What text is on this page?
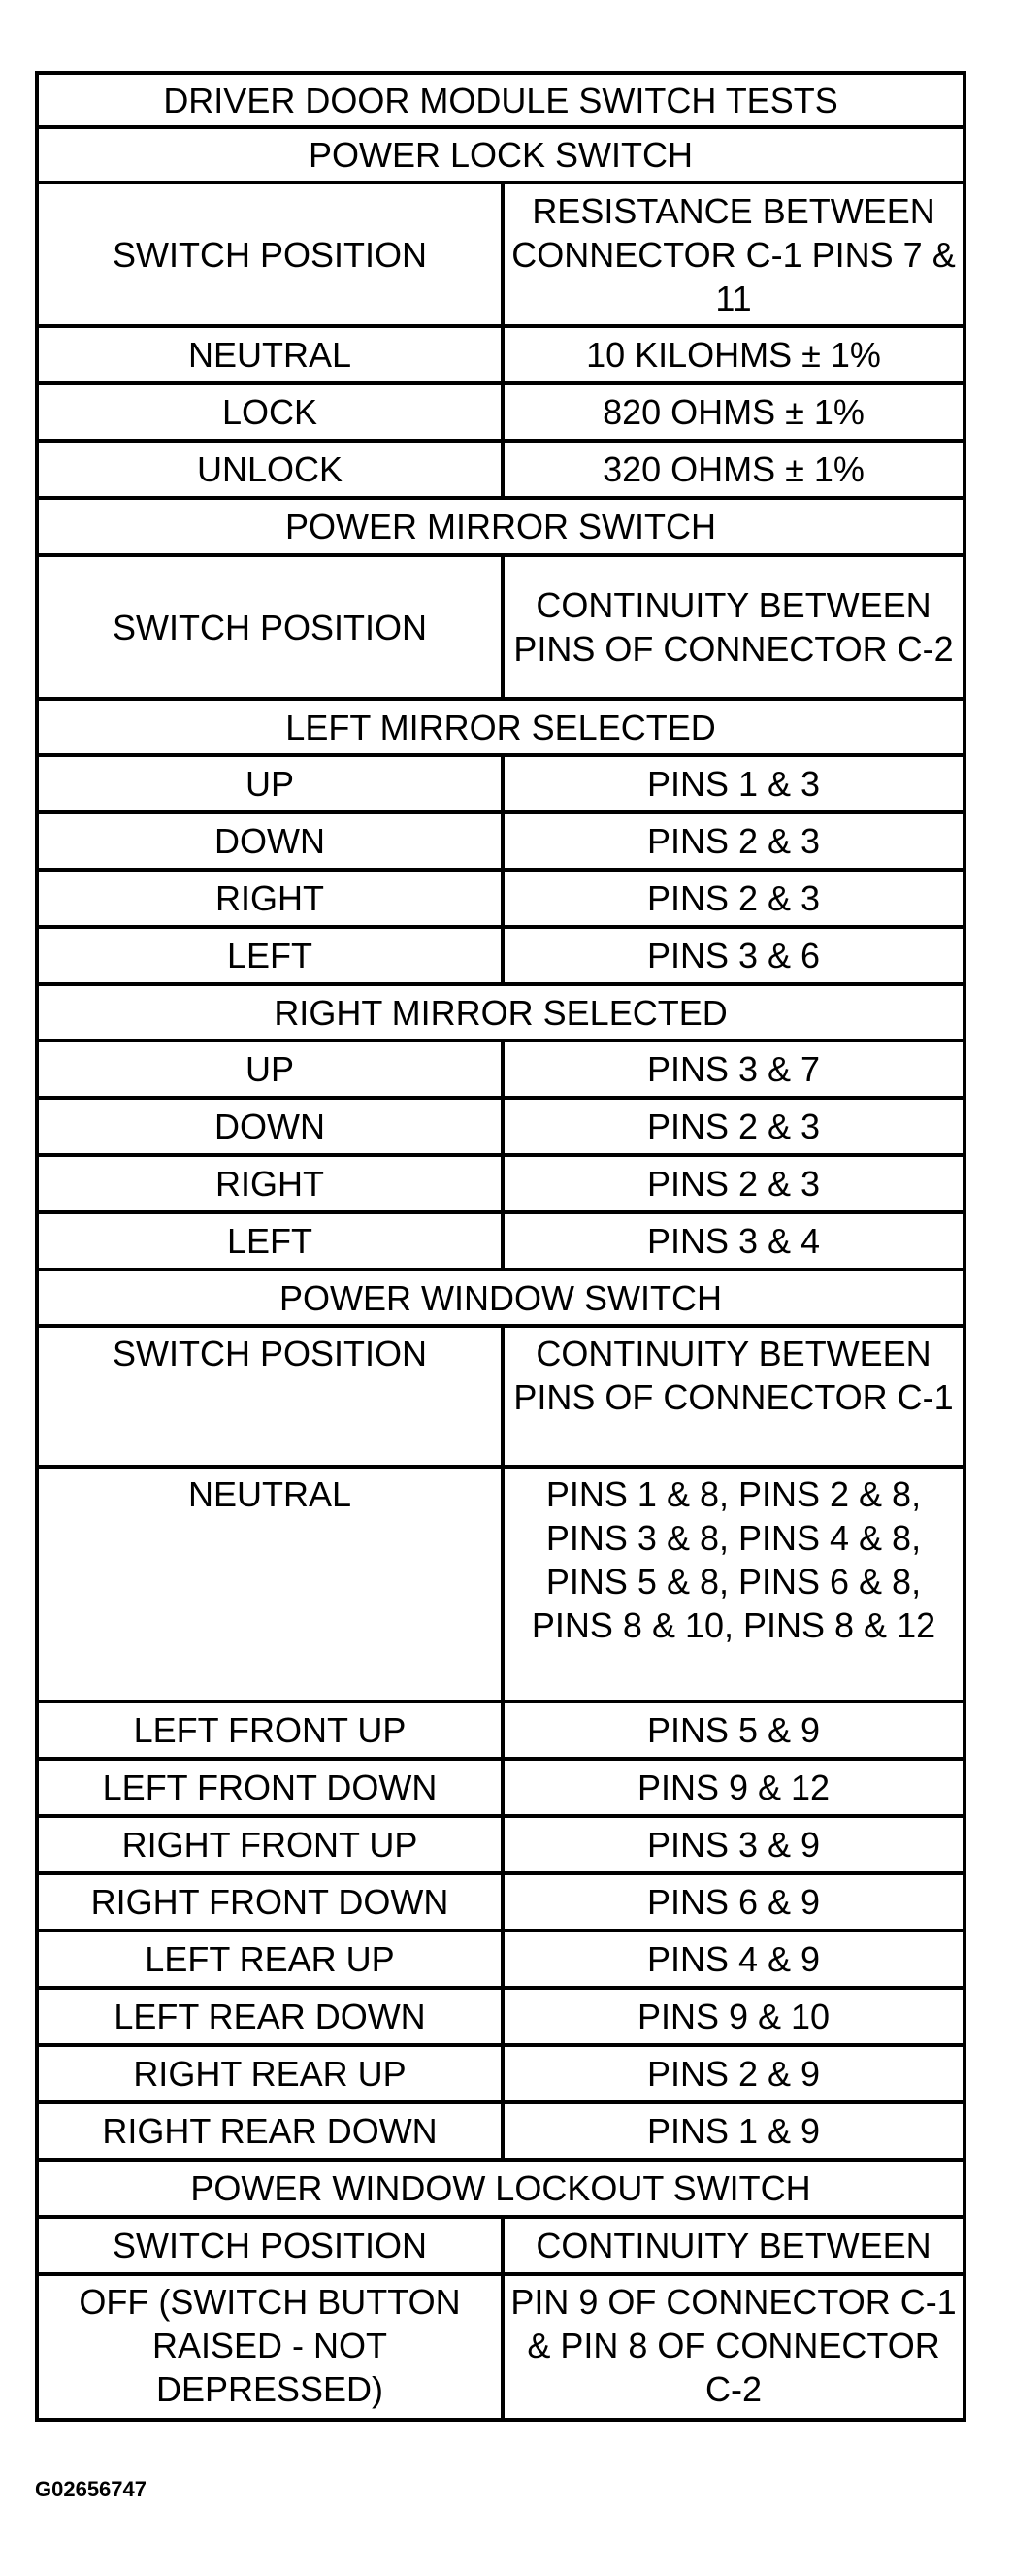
DRIVER DOOR MODULE SWITCH TESTS	
POWER LOCK SWITCH	
SWITCH POSITION	RESISTANCE BETWEEN CONNECTOR C-1 PINS 7 & 11
NEUTRAL	10 KILOHMS ± 1%
LOCK	820 OHMS ± 1%
UNLOCK	320 OHMS ± 1%
POWER MIRROR SWITCH	
SWITCH POSITION	CONTINUITY BETWEEN PINS OF CONNECTOR C-2
LEFT MIRROR SELECTED	
UP	PINS 1 & 3
DOWN	PINS 2 & 3
RIGHT	PINS 2 & 3
LEFT	PINS 3 & 6
RIGHT MIRROR SELECTED	
UP	PINS 3 & 7
DOWN	PINS 2 & 3
RIGHT	PINS 2 & 3
LEFT	PINS 3 & 4
POWER WINDOW SWITCH	
SWITCH POSITION	CONTINUITY BETWEEN PINS OF CONNECTOR C-1
NEUTRAL	PINS 1 & 8, PINS 2 & 8, PINS 3 & 8, PINS 4 & 8, PINS 5 & 8, PINS 6 & 8, PINS 8 & 10, PINS 8 & 12
LEFT FRONT UP	PINS 5 & 9
LEFT FRONT DOWN	PINS 9 & 12
RIGHT FRONT UP	PINS 3 & 9
RIGHT FRONT DOWN	PINS 6 & 9
LEFT REAR UP	PINS 4 & 9
LEFT REAR DOWN	PINS 9 & 10
RIGHT REAR UP	PINS 2 & 9
RIGHT REAR DOWN	PINS 1 & 9
POWER WINDOW LOCKOUT SWITCH	
SWITCH POSITION	CONTINUITY BETWEEN
OFF (SWITCH BUTTON RAISED - NOT DEPRESSED)	PIN 9 OF CONNECTOR C-1 & PIN 8 OF CONNECTOR C-2
G02656747
